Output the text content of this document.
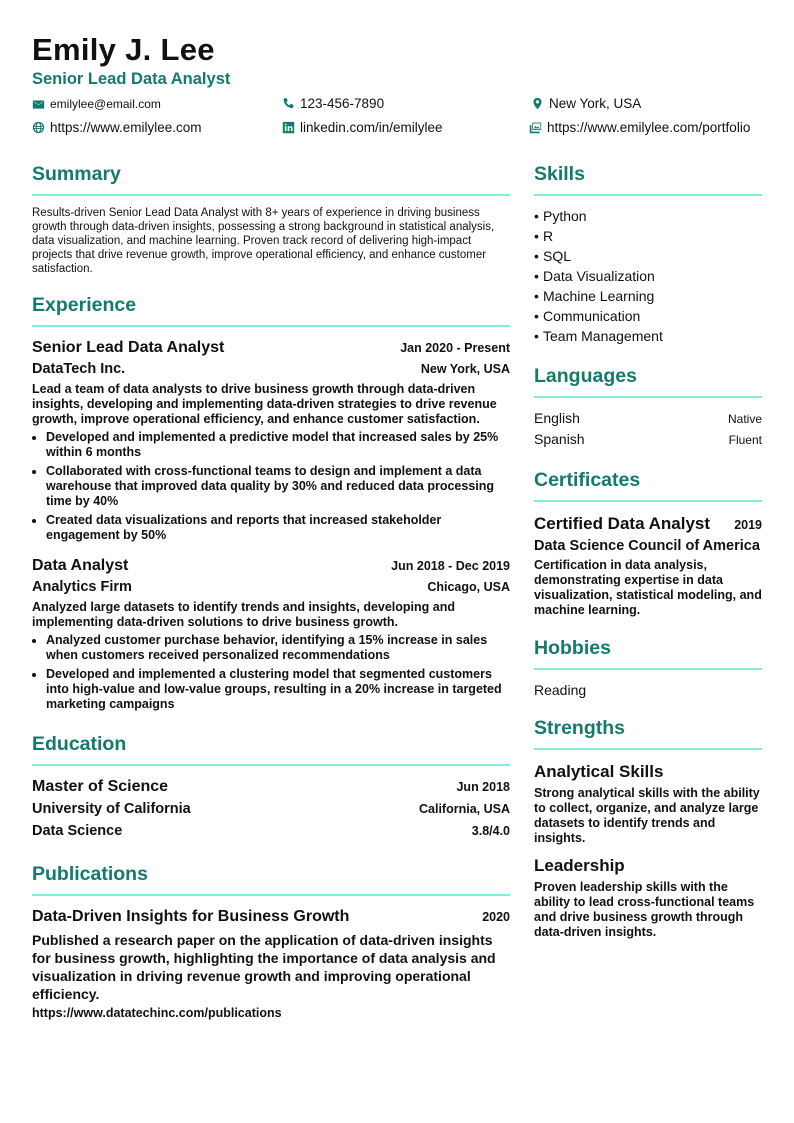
Emily J. Lee
Senior Lead Data Analyst
emilylee@email.com	123-456-7890	New York, USA
https://www.emilylee.com	linkedin.com/in/emilylee	https://www.emilylee.com/portfolio
Summary
Results-driven Senior Lead Data Analyst with 8+ years of experience in driving business growth through data-driven insights, possessing a strong background in statistical analysis, data visualization, and machine learning. Proven track record of delivering high-impact projects that drive revenue growth, improve operational efficiency, and enhance customer satisfaction.
Experience
Senior Lead Data Analyst	Jan 2020 - Present
DataTech Inc.	New York, USA
Lead a team of data analysts to drive business growth through data-driven insights, developing and implementing data-driven strategies to drive revenue growth, improve operational efficiency, and enhance customer satisfaction.
• Developed and implemented a predictive model that increased sales by 25% within 6 months
• Collaborated with cross-functional teams to design and implement a data warehouse that improved data quality by 30% and reduced data processing time by 40%
• Created data visualizations and reports that increased stakeholder engagement by 50%
Data Analyst	Jun 2018 - Dec 2019
Analytics Firm	Chicago, USA
Analyzed large datasets to identify trends and insights, developing and implementing data-driven solutions to drive business growth.
• Analyzed customer purchase behavior, identifying a 15% increase in sales when customers received personalized recommendations
• Developed and implemented a clustering model that segmented customers into high-value and low-value groups, resulting in a 20% increase in targeted marketing campaigns
Education
Master of Science	Jun 2018
University of California	California, USA
Data Science	3.8/4.0
Publications
Data-Driven Insights for Business Growth	2020
Published a research paper on the application of data-driven insights for business growth, highlighting the importance of data analysis and visualization in driving revenue growth and improving operational efficiency.
https://www.datatechinc.com/publications
Skills
• Python
• R
• SQL
• Data Visualization
• Machine Learning
• Communication
• Team Management
Languages
English	Native
Spanish	Fluent
Certificates
Certified Data Analyst 2019
Data Science Council of America
Certification in data analysis, demonstrating expertise in data visualization, statistical modeling, and machine learning.
Hobbies
Reading
Strengths
Analytical Skills
Strong analytical skills with the ability to collect, organize, and analyze large datasets to identify trends and insights.
Leadership
Proven leadership skills with the ability to lead cross-functional teams and drive business growth through data-driven insights.
